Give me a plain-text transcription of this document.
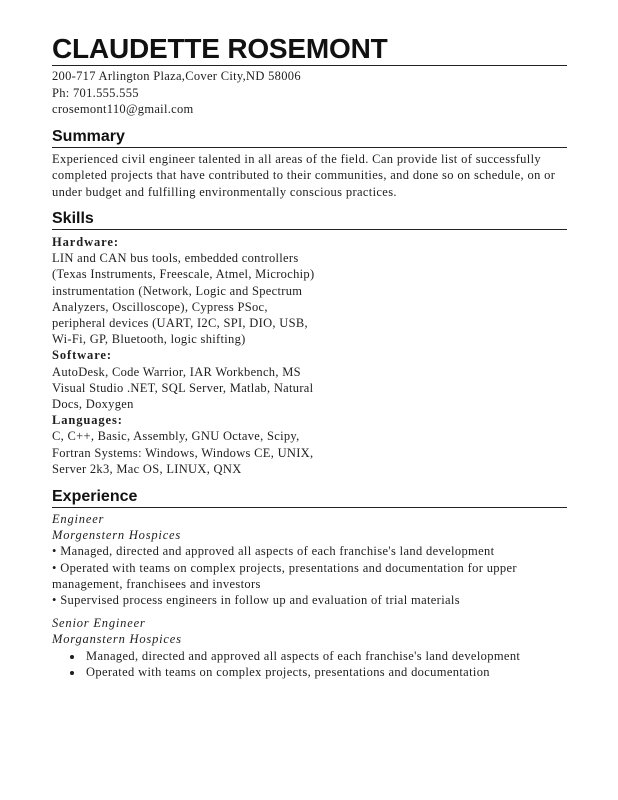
CLAUDETTE ROSEMONT
200-717 Arlington Plaza,Cover City,ND 58006
Ph: 701.555.555
crosemont110@gmail.com
Summary
Experienced civil engineer talented in all areas of the field. Can provide list of successfully completed projects that have contributed to their communities, and done so on schedule, on or under budget and fulfilling environmentally conscious practices.
Skills
Hardware:
LIN and CAN bus tools, embedded controllers (Texas Instruments, Freescale, Atmel, Microchip) instrumentation (Network, Logic and Spectrum Analyzers, Oscilloscope), Cypress PSoc, peripheral devices (UART, I2C, SPI, DIO, USB, Wi-Fi, GP, Bluetooth, logic shifting)
Software:
AutoDesk, Code Warrior, IAR Workbench, MS Visual Studio .NET, SQL Server, Matlab, Natural Docs, Doxygen
Languages:
C, C++, Basic, Assembly, GNU Octave, Scipy, Fortran Systems: Windows, Windows CE, UNIX, Server 2k3, Mac OS, LINUX, QNX
Experience
Engineer
Morgenstern Hospices
• Managed, directed and approved all aspects of each franchise's land development
• Operated with teams on complex projects, presentations and documentation for upper management, franchisees and investors
• Supervised process engineers in follow up and evaluation of trial materials
Senior Engineer
Morganstern Hospices
• Managed, directed and approved all aspects of each franchise's land development
• Operated with teams on complex projects, presentations and documentation
